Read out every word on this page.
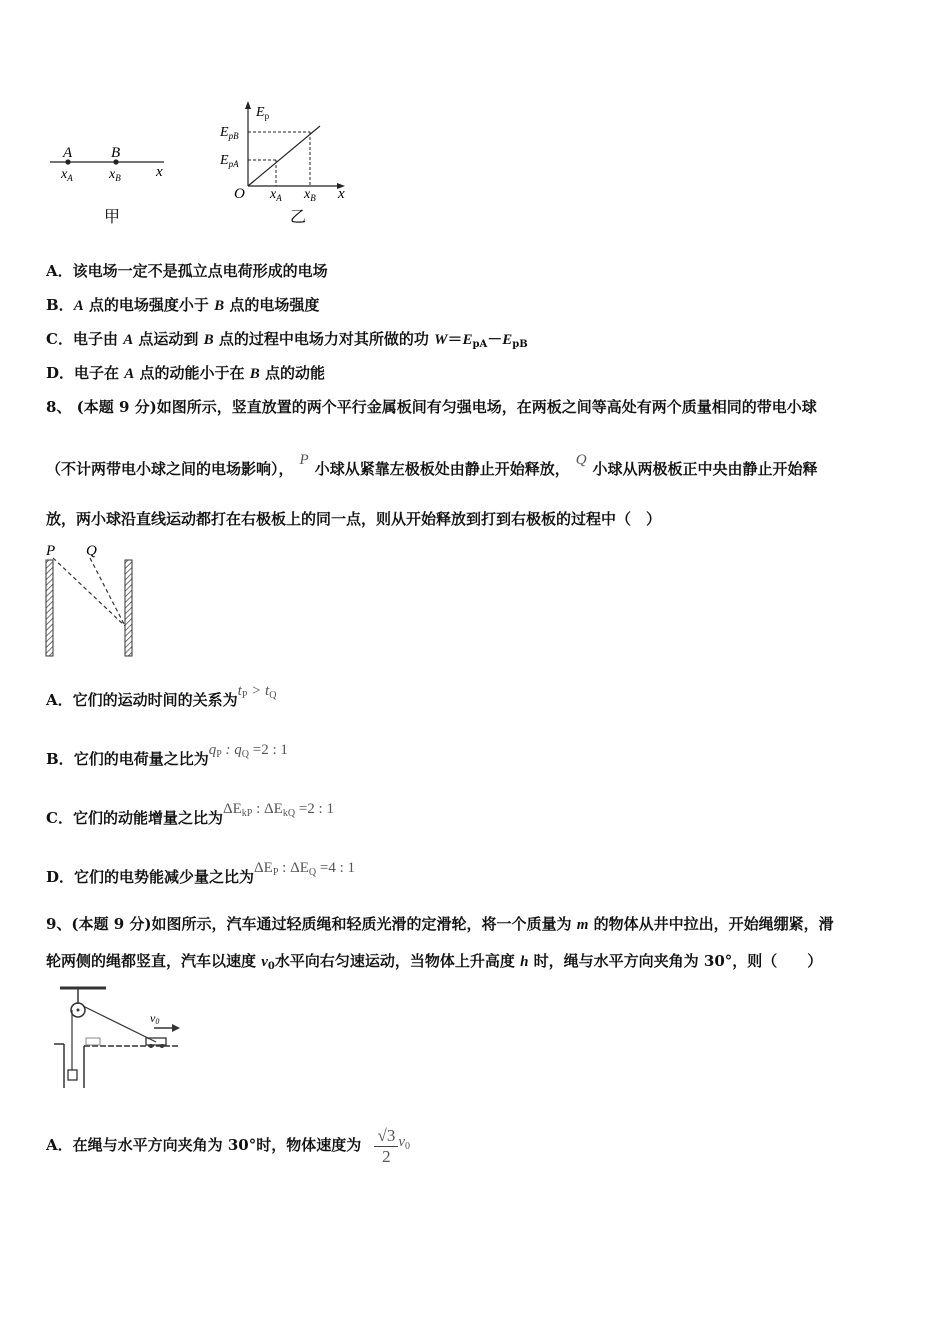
A	B
$x_A$	$x_B$ x
甲
$E_p$
$E_{pB}$
$E_{pA}$
O $x_A$ $x_B$ x
乙
A．该电场一定不是孤立点电荷形成的电场
B．A 点的电场强度小于 B 点的电场强度
C．电子由 A 点运动到 B 点的过程中电场力对其所做的功 $W=E_{pA}-E_{pB}$
D．电子在 A 点的动能小于在 B 点的动能
8、 (本题 9 分)如图所示，竖直放置的两个平行金属板间有匀强电场，在两板之间等高处有两个质量相同的带电小球
（不计两带电小球之间的电场影响）， P 小球从紧靠左极板处由静止开始释放， Q 小球从两极板正中央由静止开始释
放，两小球沿直线运动都打在右极板上的同一点，则从开始释放到打到右极板的过程中（　）
P Q
A．它们的运动时间的关系为$t_P > t_Q$
B．它们的电荷量之比为$q_P$ : $q_Q =2$ : 1
C．它们的动能增量之比为$\Delta E_{kP}$ : $\Delta E_{kQ} =2$ : 1
D．它们的电势能减少量之比为$\Delta E_P$ : $\Delta E_Q =4$ : 1
9、(本题 9 分)如图所示，汽车通过轻质绳和轻质光滑的定滑轮，将一个质量为 m 的物体从井中拉出，开始绳绷紧，滑
轮两侧的绳都竖直，汽车以速度 $v_0$水平向右匀速运动，当物体上升高度 h 时，绳与水平方向夹角为 30°，则（　　）
v0
A．在绳与水平方向夹角为 30°时，物体速度为 $\frac{√3}{2} v_0$
